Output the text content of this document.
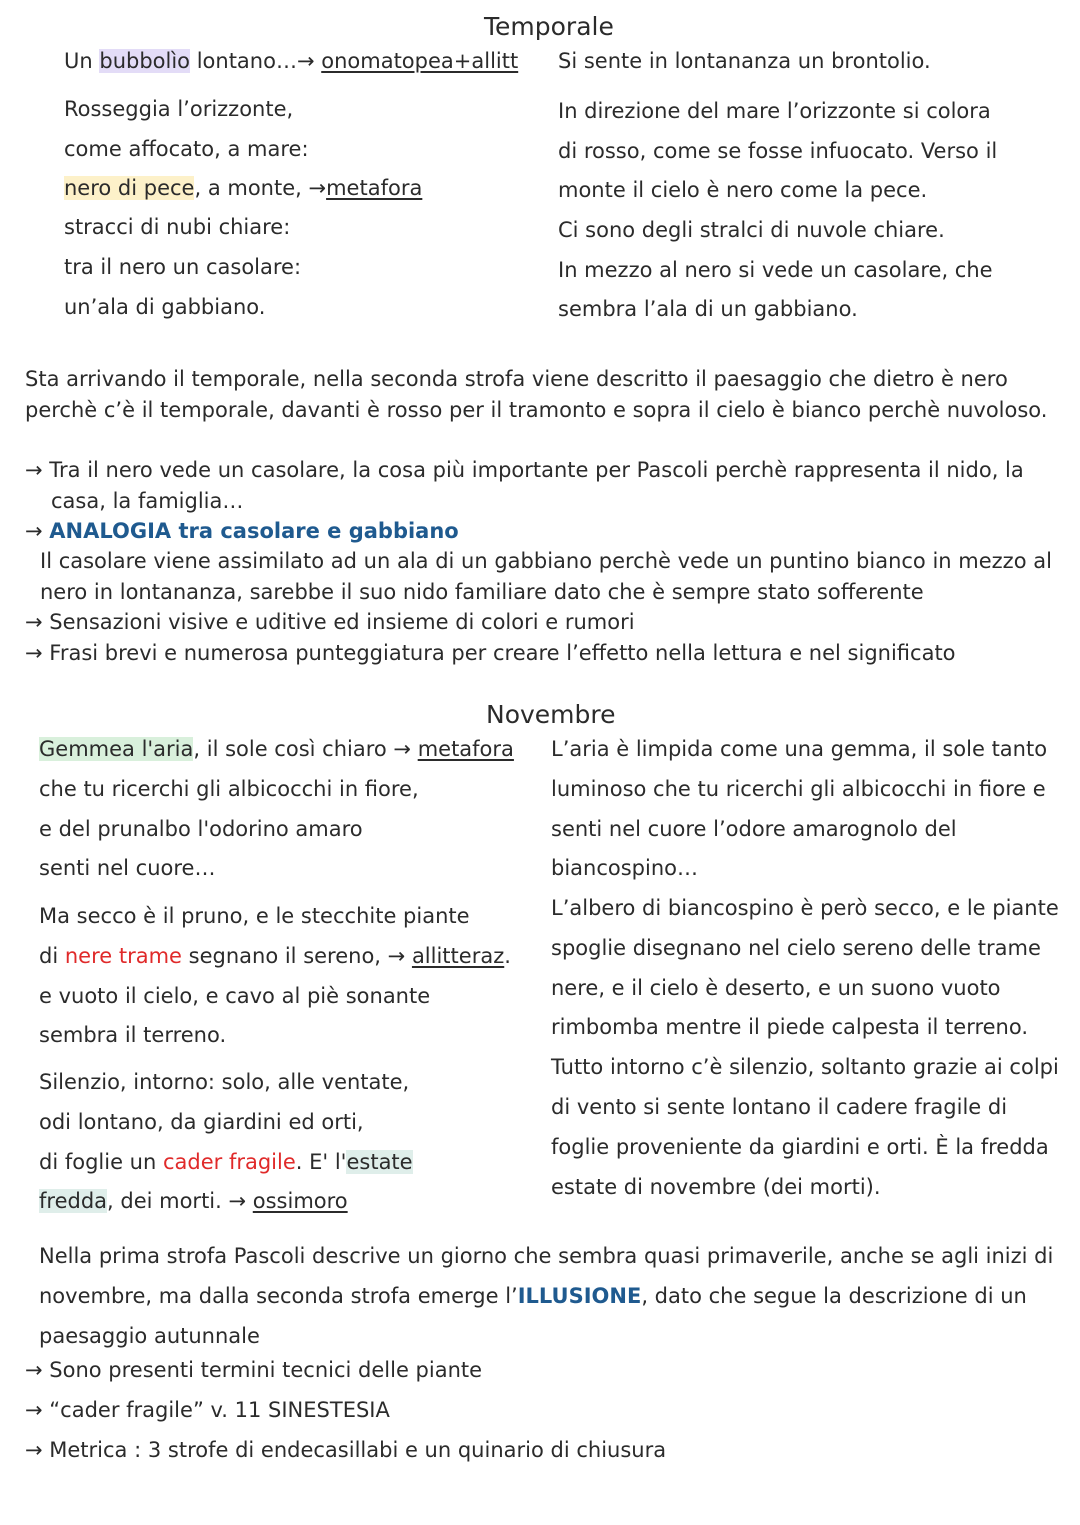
Temporale
Un bubbolìo lontano…→ onomatopea+allitt Si sente in lontananza un brontolio.
Rosseggia l’orizzonte,
come affocato, a mare:
nero di pece, a monte, →metafora
stracci di nubi chiare:
tra il nero un casolare:
un’ala di gabbiano.
In direzione del mare l’orizzonte si colora
di rosso, come se fosse infuocato. Verso il
monte il cielo è nero come la pece.
Ci sono degli stralci di nuvole chiare.
In mezzo al nero si vede un casolare, che
sembra l’ala di un gabbiano.
Sta arrivando il temporale, nella seconda strofa viene descritto il paesaggio che dietro è nero perchè c’è il temporale, davanti è rosso per il tramonto e sopra il cielo è bianco perchè nuvoloso.
→ Tra il nero vede un casolare, la cosa più importante per Pascoli perchè rappresenta il nido, la casa, la famiglia…
→ ANALOGIA tra casolare e gabbiano
Il casolare viene assimilato ad un ala di un gabbiano perchè vede un puntino bianco in mezzo al nero in lontananza, sarebbe il suo nido familiare dato che è sempre stato sofferente
→ Sensazioni visive e uditive ed insieme di colori e rumori
→ Frasi brevi e numerosa punteggiatura per creare l’effetto nella lettura e nel significato
Novembre
Gemmea l'aria, il sole così chiaro → metafora
che tu ricerchi gli albicocchi in fiore,
e del prunalbo l'odorino amaro
senti nel cuore…
Ma secco è il pruno, e le stecchite piante
di nere trame segnano il sereno, → allitteraz.
e vuoto il cielo, e cavo al piè sonante
sembra il terreno.
Silenzio, intorno: solo, alle ventate,
odi lontano, da giardini ed orti,
di foglie un cader fragile. E' l'estate
fredda, dei morti. → ossimoro
L’aria è limpida come una gemma, il sole tanto
luminoso che tu ricerchi gli albicocchi in fiore e
senti nel cuore l’odore amarognolo del
biancospino…
L’albero di biancospino è però secco, e le piante
spoglie disegnano nel cielo sereno delle trame
nere, e il cielo è deserto, e un suono vuoto
rimbomba mentre il piede calpesta il terreno.
Tutto intorno c’è silenzio, soltanto grazie ai colpi
di vento si sente lontano il cadere fragile di
foglie proveniente da giardini e orti. È la fredda
estate di novembre (dei morti).
Nella prima strofa Pascoli descrive un giorno che sembra quasi primaverile, anche se agli inizi di novembre, ma dalla seconda strofa emerge l’ILLUSIONE, dato che segue la descrizione di un paesaggio autunnale
→ Sono presenti termini tecnici delle piante
→ “cader fragile” v. 11 SINESTESIA
→ Metrica : 3 strofe di endecasillabi e un quinario di chiusura
